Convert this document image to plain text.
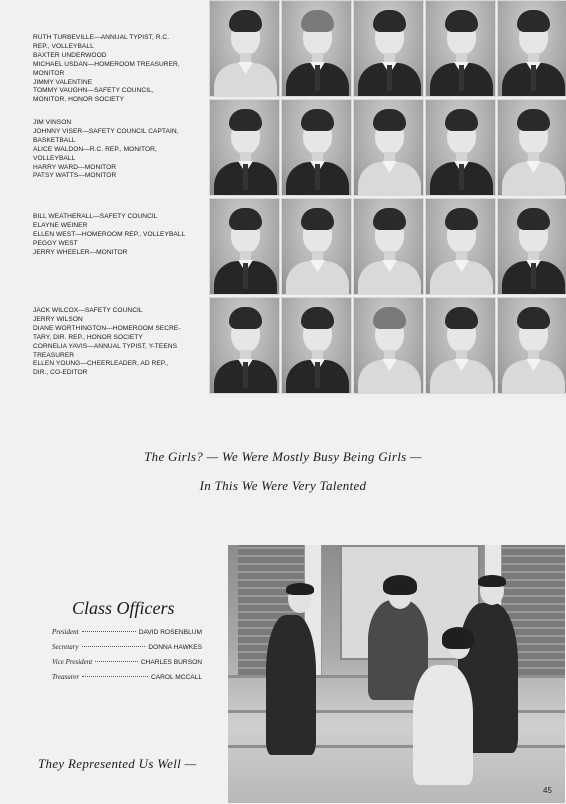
RUTH TURBEVILLE—ANNUAL TYPIST, R.C.
REP., VOLLEYBALL
BAXTER UNDERWOOD
MICHAEL USDAN—HOMEROOM TREASURER,
MONITOR
JIMMY VALENTINE
TOMMY VAUGHN—SAFETY COUNCIL,
MONITOR, HONOR SOCIETY
JIM VINSON
JOHNNY VISER—SAFETY COUNCIL CAPTAIN,
BASKETBALL
ALICE WALDON—R.C. REP., MONITOR,
VOLLEYBALL
HARRY WARD—MONITOR
PATSY WATTS—MONITOR
BILL WEATHERALL—SAFETY COUNCIL
ELAYNE WEINER
ELLEN WEST—HOMEROOM REP., VOLLEYBALL
PEGGY WEST
JERRY WHEELER—MONITOR
JACK WILCOX—SAFETY COUNCIL
JERRY WILSON
DIANE WORTHINGTON—HOMEROOM SECRE-
TARY, DIR. REP., HONOR SOCIETY
CORNELIA YAVIS—ANNUAL TYPIST, Y-TEENS
TREASURER
ELLEN YOUNG—CHEERLEADER, AD REP.,
DIR., CO-EDITOR
The Girls? — We Were Mostly Busy Being Girls —
In This We Were Very Talented
Class Officers
President	DAVID ROSENBLUM
Secretary	DONNA HAWKES
Vice President	CHARLES BURSON
Treasurer	CAROL MCCALL
They Represented Us Well —
45
